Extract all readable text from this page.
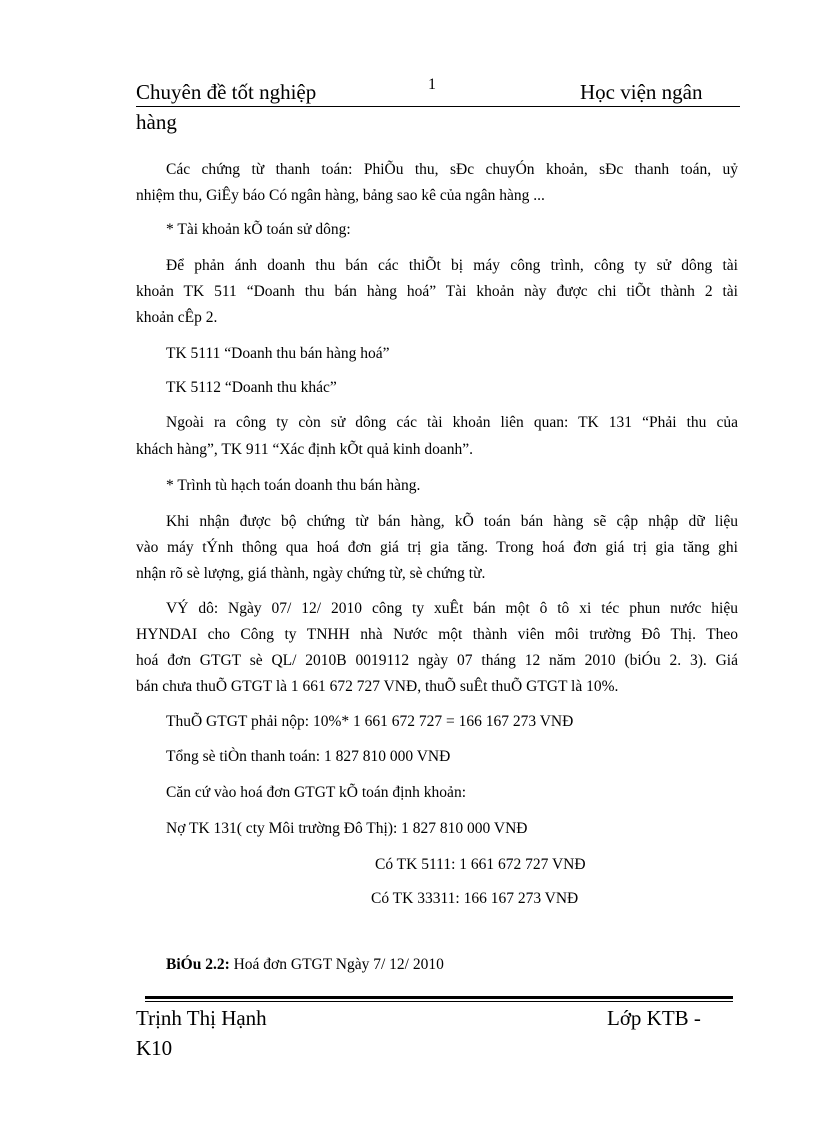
Chuyên đề tốt nghiệp	1	Học viện ngân
hàng
Các chứng từ thanh toán: PhiÕu thu, sÐc chuyÓn khoản, sÐc thanh toán, uỷ
nhiệm thu, GiÊy báo Có ngân hàng, bảng sao kê của ngân hàng ...
* Tài khoản kÕ toán sử dông:
Để phản ánh doanh thu bán các thiÕt bị máy công trình, công ty sử dông tài
khoản TK 511 “Doanh thu bán hàng hoá” Tài khoản này được chi tiÕt thành 2 tài
khoản cÊp 2.
TK 5111 “Doanh thu bán hàng hoá”
TK 5112 “Doanh thu khác”
Ngoài ra công ty còn sử dông các tài khoản liên quan: TK 131 “Phải thu của
khách hàng”, TK 911 “Xác định kÕt quả kinh doanh”.
* Trình tù hạch toán doanh thu bán hàng.
Khi nhận được bộ chứng từ bán hàng, kÕ toán bán hàng sẽ cập nhập dữ liệu
vào máy tÝnh thông qua hoá đơn giá trị gia tăng. Trong hoá đơn giá trị gia tăng ghi
nhận rõ sè lượng, giá thành, ngày chứng từ, sè chứng từ.
VÝ dô: Ngày 07/ 12/ 2010 công ty xuÊt bán một ô tô xi téc phun nước hiệu
HYNDAI cho Công ty TNHH nhà Nước một thành viên môi trường Đô Thị. Theo
hoá đơn GTGT sè QL/ 2010B 0019112 ngày 07 tháng 12 năm 2010 (biÓu 2. 3). Giá
bán chưa thuÕ GTGT là 1 661 672 727 VNĐ, thuÕ suÊt thuÕ GTGT là 10%.
ThuÕ GTGT phải nộp: 10%* 1 661 672 727 = 166 167 273 VNĐ
Tổng sè tiÒn thanh toán: 1 827 810 000 VNĐ
Căn cứ vào hoá đơn GTGT kÕ toán định khoản:
Nợ TK 131( cty Môi trường Đô Thị): 1 827 810 000 VNĐ
Có TK 5111: 1 661 672 727 VNĐ
Có TK 33311: 166 167 273 VNĐ
BiÓu 2.2: Hoá đơn GTGT Ngày 7/ 12/ 2010
Trịnh Thị Hạnh	Lớp KTB -
K10
